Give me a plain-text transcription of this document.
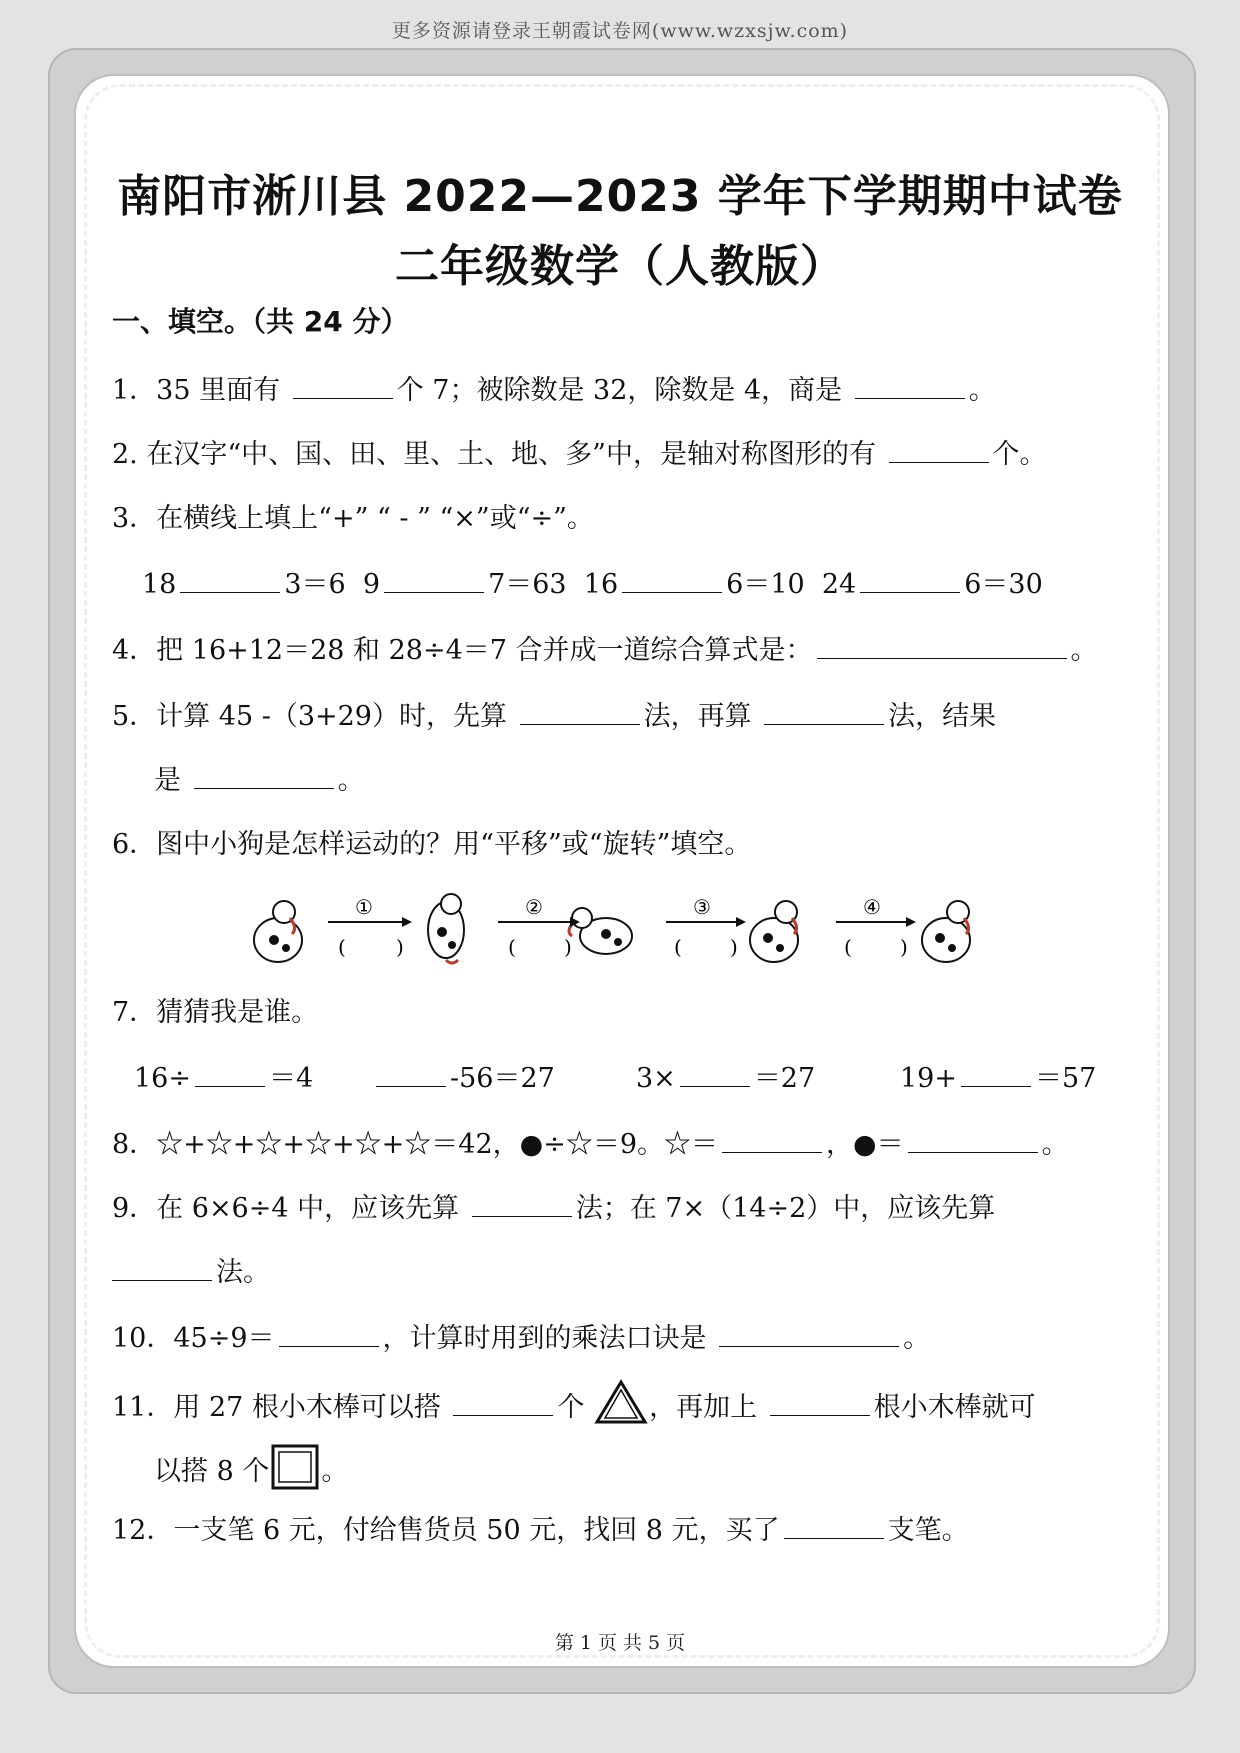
更多资源请登录王朝霞试卷网(www.wzxsjw.com)
南阳市淅川县 2022—2023 学年下学期期中试卷
二年级数学（人教版）

一、填空。（共 24 分）

1．35 里面有	个 7；被除数是 32，除数是 4，商是	。

2. 在汉字“中、国、田、里、土、地、多”中，是轴对称图形的有	个。

3．在横线上填上“+” “ - ” “×”或“÷”。

18	3＝6 9	7＝63 16	6＝10 24	6＝30

4．把 16+12＝28 和 28÷4＝7 合并成一道综合算式是：	。

5．计算 45 -（3+29）时，先算	法，再算	法，结果

是	。

6．图中小狗是怎样运动的？用“平移”或“旋转”填空。

①
(	)
②
( )
③
( )
④
( )

7．猜猜我是谁。

16÷	＝4	-56＝27	3×	＝27	19+	＝57

8．☆+☆+☆+☆+☆+☆＝42，●÷☆＝9。☆＝	，●＝	。

9．在 6×6÷4 中，应该先算	法；在 7×（14÷2）中，应该先算

法。

10．45÷9＝	，计算时用到的乘法口诀是	。

11．用 27 根小木棒可以搭	个 ，再加上	根小木棒就可

以搭 8 个 。

12．一支笔 6 元，付给售货员 50 元，找回 8 元，买了	支笔。

第 1 页 共 5 页
